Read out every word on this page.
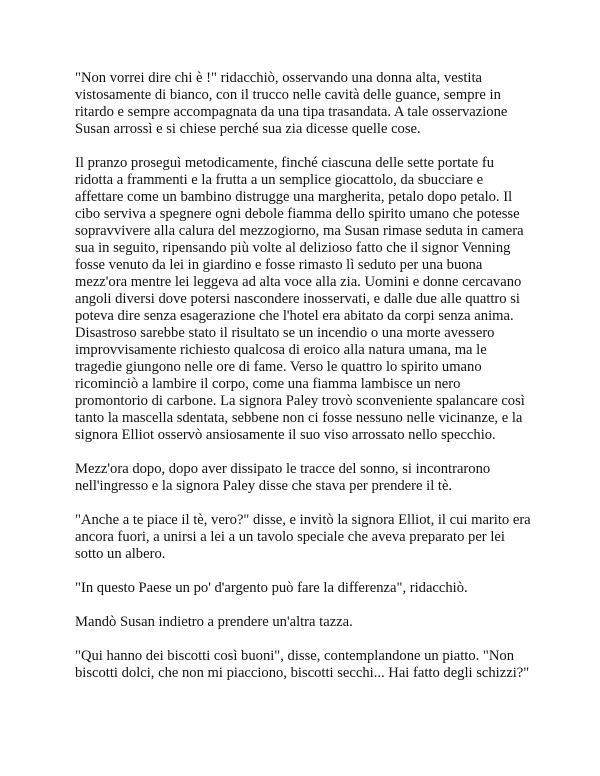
"Non vorrei dire chi è !" ridacchiò, osservando una donna alta, vestita vistosamente di bianco, con il trucco nelle cavità delle guance, sempre in ritardo e sempre accompagnata da una tipa trasandata. A tale osservazione Susan arrossì e si chiese perché sua zia dicesse quelle cose.

Il pranzo proseguì metodicamente, finché ciascuna delle sette portate fu ridotta a frammenti e la frutta a un semplice giocattolo, da sbucciare e affettare come un bambino distrugge una margherita, petalo dopo petalo. Il cibo serviva a spegnere ogni debole fiamma dello spirito umano che potesse sopravvivere alla calura del mezzogiorno, ma Susan rimase seduta in camera sua in seguito, ripensando più volte al delizioso fatto che il signor Venning fosse venuto da lei in giardino e fosse rimasto lì seduto per una buona mezz'ora mentre lei leggeva ad alta voce alla zia. Uomini e donne cercavano angoli diversi dove potersi nascondere inosservati, e dalle due alle quattro si poteva dire senza esagerazione che l'hotel era abitato da corpi senza anima. Disastroso sarebbe stato il risultato se un incendio o una morte avessero improvvisamente richiesto qualcosa di eroico alla natura umana, ma le tragedie giungono nelle ore di fame. Verso le quattro lo spirito umano ricominciò a lambire il corpo, come una fiamma lambisce un nero promontorio di carbone. La signora Paley trovò sconveniente spalancare così tanto la mascella sdentata, sebbene non ci fosse nessuno nelle vicinanze, e la signora Elliot osservò ansiosamente il suo viso arrossato nello specchio.

Mezz'ora dopo, dopo aver dissipato le tracce del sonno, si incontrarono nell'ingresso e la signora Paley disse che stava per prendere il tè.

"Anche a te piace il tè, vero?" disse, e invitò la signora Elliot, il cui marito era ancora fuori, a unirsi a lei a un tavolo speciale che aveva preparato per lei sotto un albero.

"In questo Paese un po' d'argento può fare la differenza", ridacchiò.

Mandò Susan indietro a prendere un'altra tazza.

"Qui hanno dei biscotti così buoni", disse, contemplandone un piatto. "Non biscotti dolci, che non mi piacciono, biscotti secchi... Hai fatto degli schizzi?"
